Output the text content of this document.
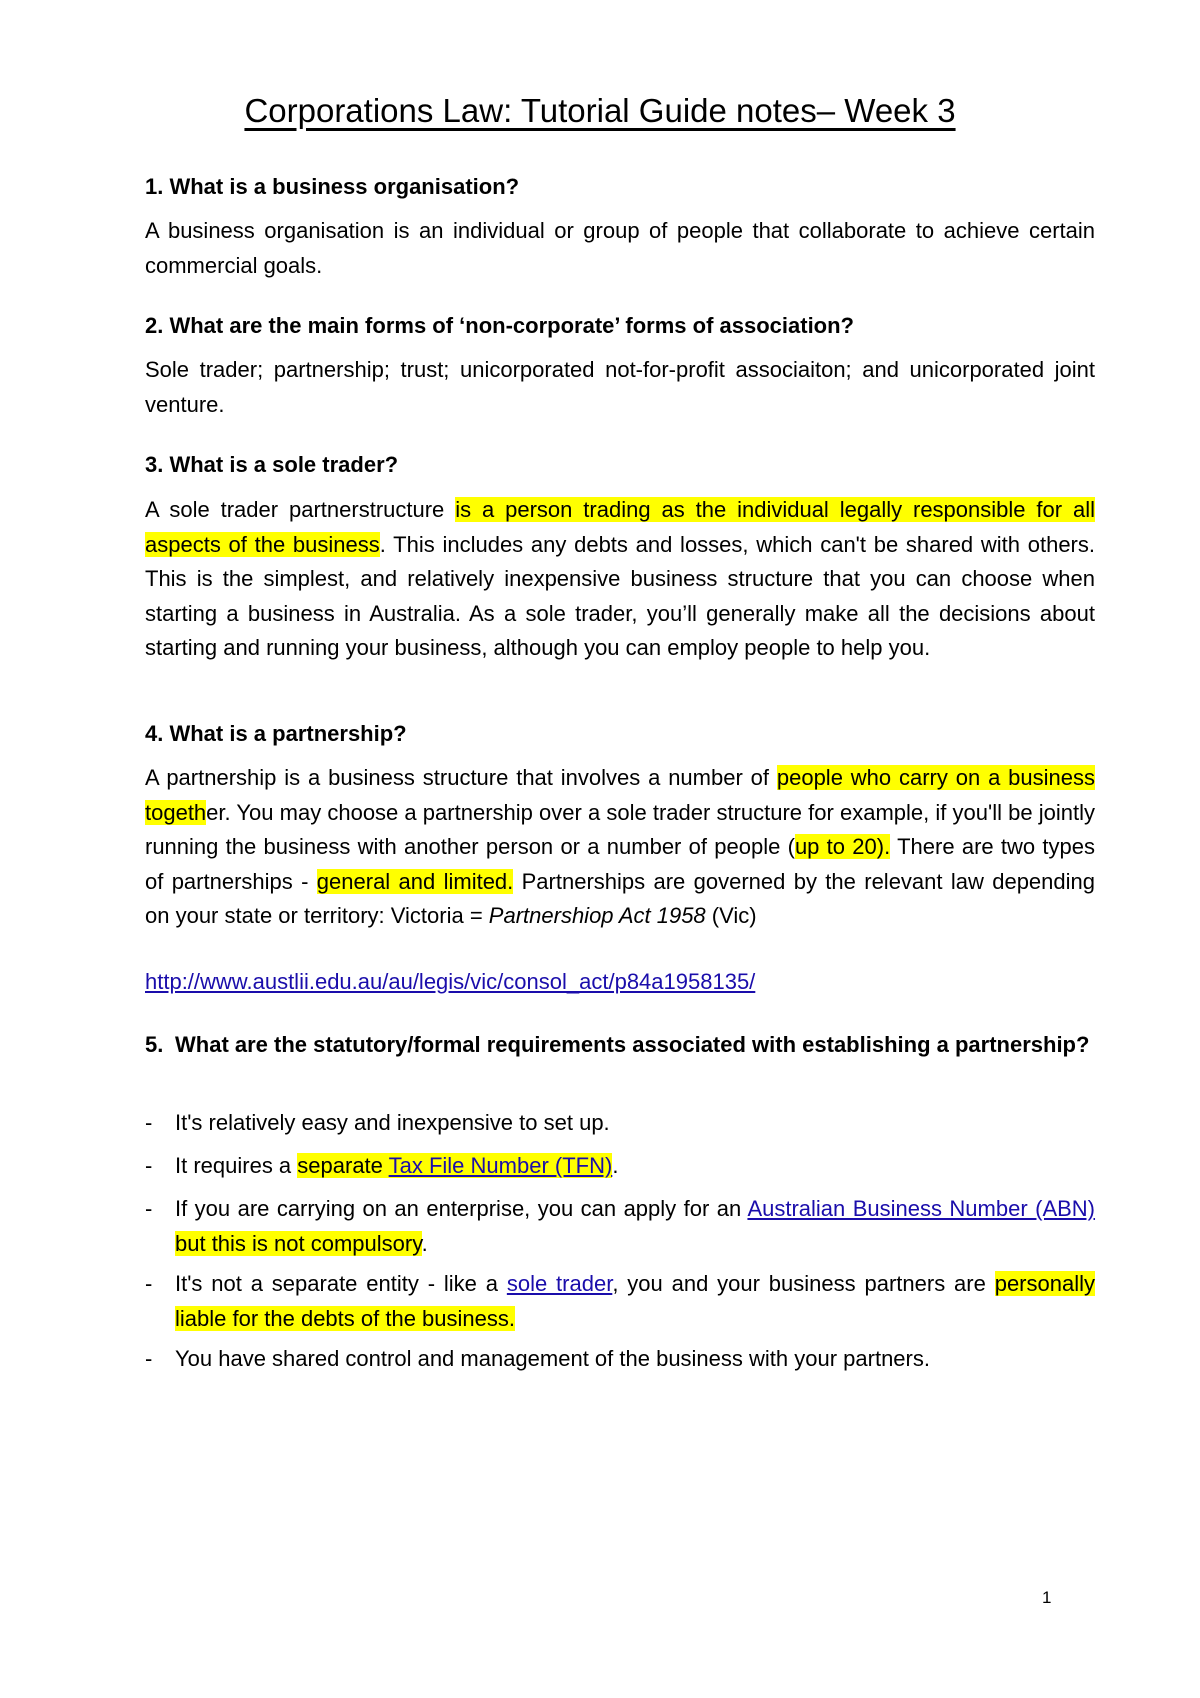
Corporations Law: Tutorial Guide notes– Week 3
1. What is a business organisation?
A business organisation is an individual or group of people that collaborate to achieve certain commercial goals.
2. What are the main forms of ‘non-corporate’ forms of association?
Sole trader; partnership; trust; unicorporated not-for-profit associaiton; and unicorporated joint venture.
3. What is a sole trader?
A sole trader partnerstructure is a person trading as the individual legally responsible for all aspects of the business. This includes any debts and losses, which can't be shared with others. This is the simplest, and relatively inexpensive business structure that you can choose when starting a business in Australia. As a sole trader, you’ll generally make all the decisions about starting and running your business, although you can employ people to help you.
4. What is a partnership?
A partnership is a business structure that involves a number of people who carry on a business together. You may choose a partnership over a sole trader structure for example, if you'll be jointly running the business with another person or a number of people (up to 20). There are two types of partnerships - general and limited. Partnerships are governed by the relevant law depending on your state or territory: Victoria = Partnershiop Act 1958 (Vic)
http://www.austlii.edu.au/au/legis/vic/consol_act/p84a1958135/
5. What are the statutory/formal requirements associated with establishing a partnership?
- It's relatively easy and inexpensive to set up.
- It requires a separate Tax File Number (TFN).
- If you are carrying on an enterprise, you can apply for an Australian Business Number (ABN) but this is not compulsory.
- It's not a separate entity - like a sole trader, you and your business partners are personally liable for the debts of the business.
- You have shared control and management of the business with your partners.
1
